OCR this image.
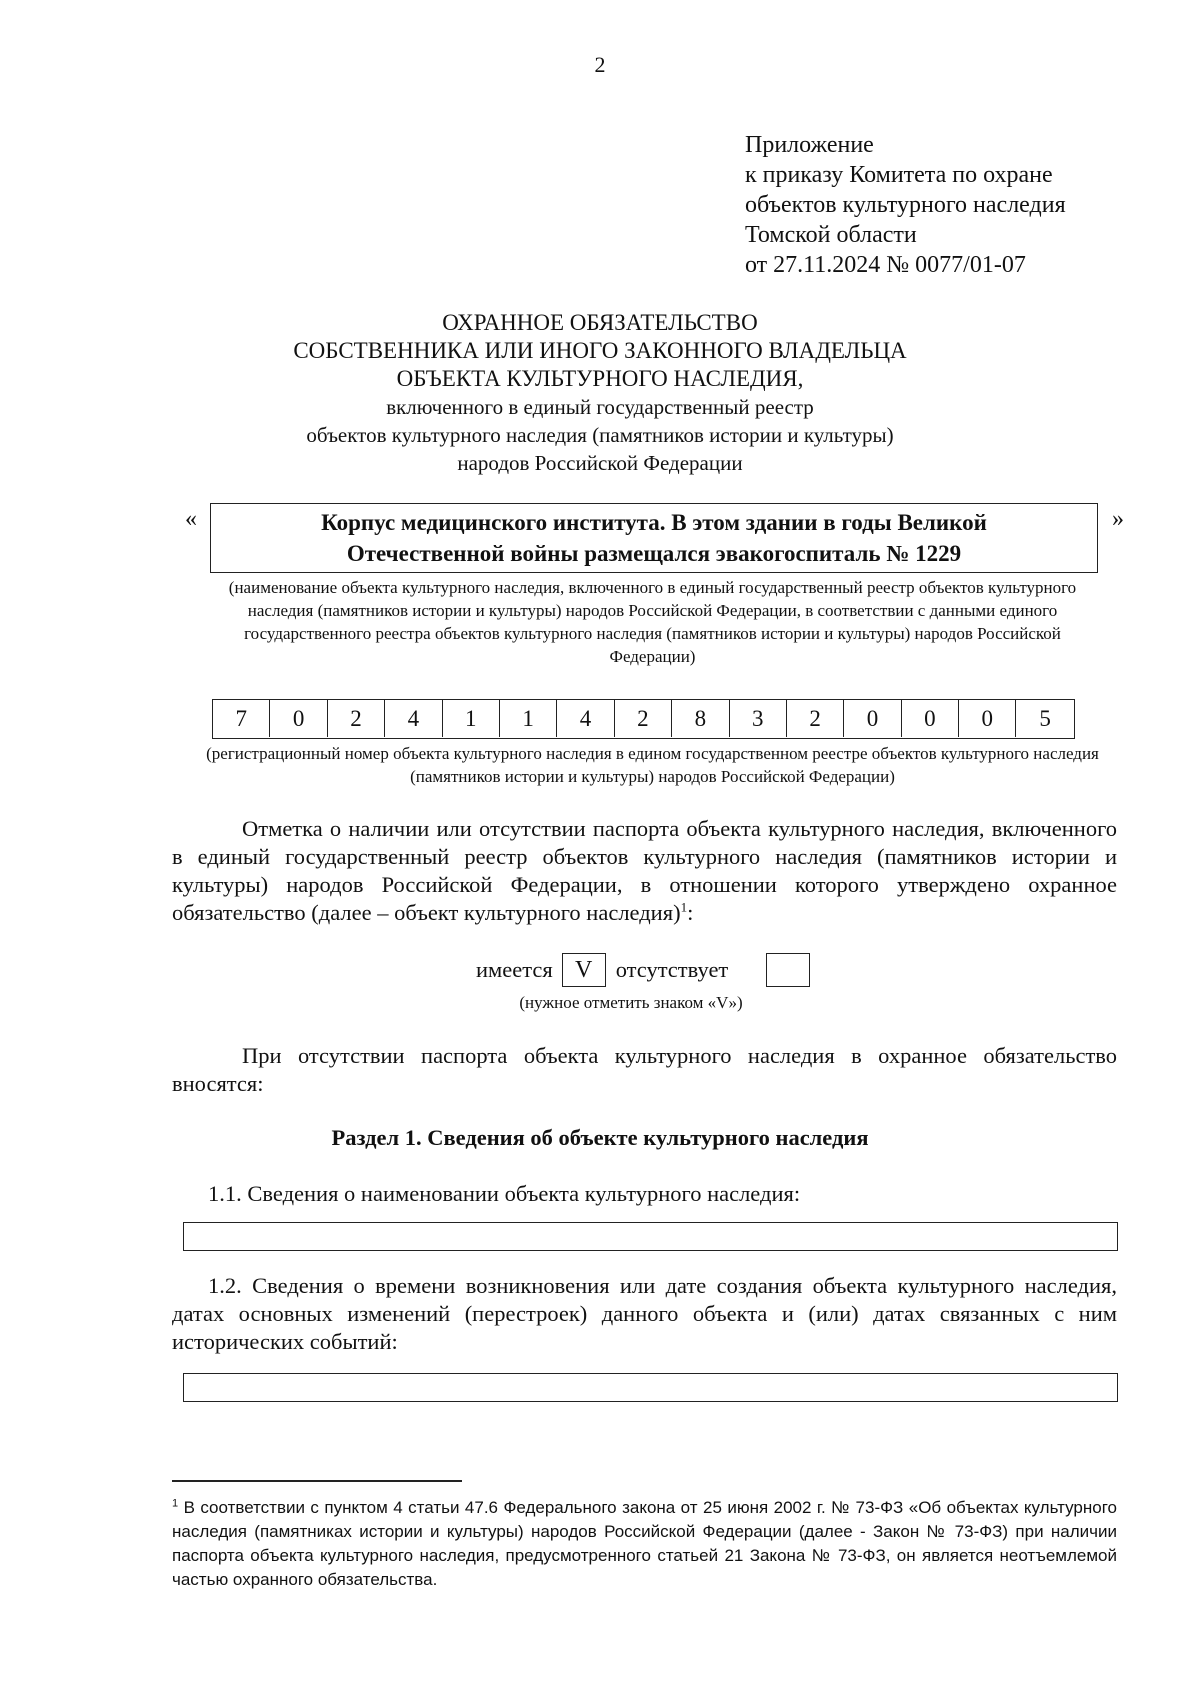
2
Приложение
к приказу Комитета по охране
объектов культурного наследия
Томской области
от 27.11.2024 № 0077/01-07
ОХРАННОЕ ОБЯЗАТЕЛЬСТВО
СОБСТВЕННИКА ИЛИ ИНОГО ЗАКОННОГО ВЛАДЕЛЬЦА
ОБЪЕКТА КУЛЬТУРНОГО НАСЛЕДИЯ,
включенного в единый государственный реестр
объектов культурного наследия (памятников истории и культуры)
народов Российской Федерации
«	Корпус медицинского института. В этом здании в годы Великой
Отечественной войны размещался эвакогоспиталь № 1229
»
(наименование объекта культурного наследия, включенного в единый государственный реестр объектов культурного наследия (памятников истории и культуры) народов Российской Федерации, в соответствии с данными единого государственного реестра объектов культурного наследия (памятников истории и культуры) народов Российской Федерации)
7	0	2	4	1	1	4	2	8	3	2	0	0	0	5
(регистрационный номер объекта культурного наследия в едином государственном реестре объектов культурного наследия (памятников истории и культуры) народов Российской Федерации)
Отметка о наличии или отсутствии паспорта объекта культурного наследия, включенного в единый государственный реестр объектов культурного наследия (памятников истории и культуры) народов Российской Федерации, в отношении которого утверждено охранное обязательство (далее – объект культурного наследия)$^1$:
имеется V	отсутствует
(нужное отметить знаком «V»)
При отсутствии паспорта объекта культурного наследия в охранное обязательство вносятся:
Раздел 1. Сведения об объекте культурного наследия
1.1. Сведения о наименовании объекта культурного наследия:
1.2. Сведения о времени возникновения или дате создания объекта культурного наследия, датах основных изменений (перестроек) данного объекта и (или) датах связанных с ним исторических событий:
$^1$ В соответствии с пунктом 4 статьи 47.6 Федерального закона от 25 июня 2002 г. № 73-ФЗ «Об объектах культурного наследия (памятниках истории и культуры) народов Российской Федерации (далее - Закон № 73-ФЗ) при наличии паспорта объекта культурного наследия, предусмотренного статьей 21 Закона № 73-ФЗ, он является неотъемлемой частью охранного обязательства.
